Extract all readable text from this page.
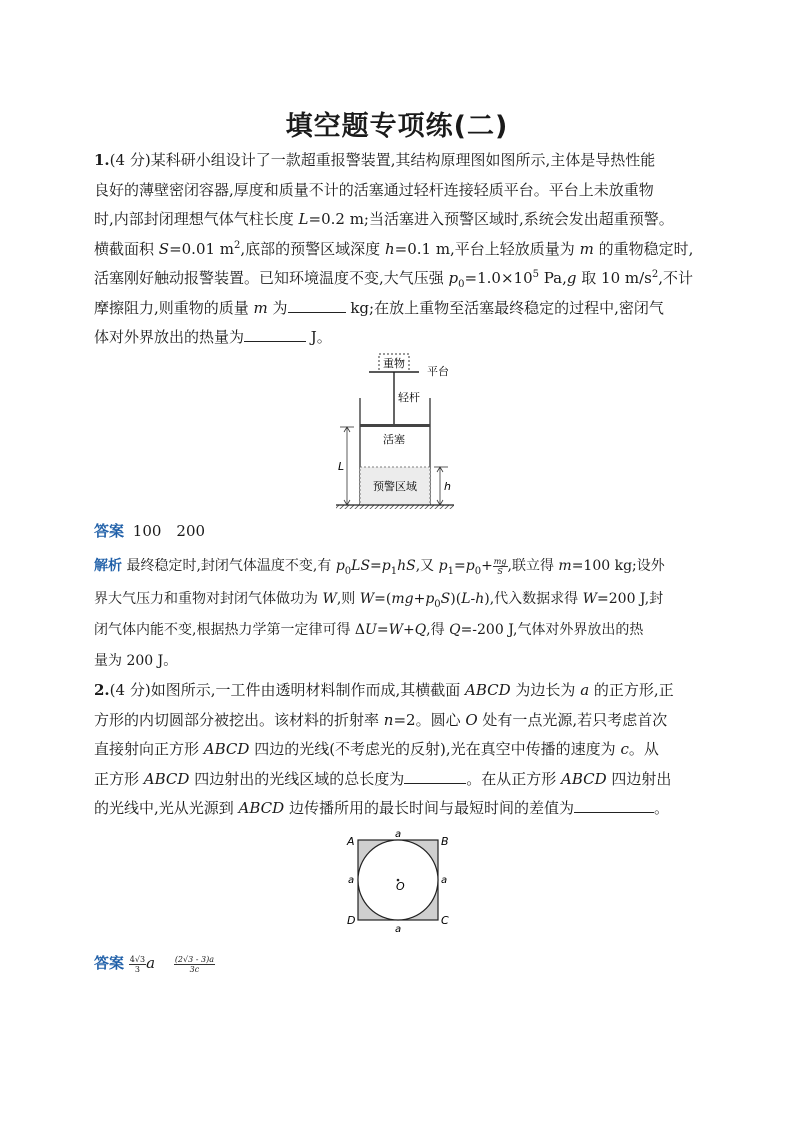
填空题专项练(二)
1.(4 分)某科研小组设计了一款超重报警装置,其结构原理图如图所示,主体是导热性能
良好的薄壁密闭容器,厚度和质量不计的活塞通过轻杆连接轻质平台。平台上未放重物
时,内部封闭理想气体气柱长度 L=0.2 m;当活塞进入预警区域时,系统会发出超重预警。
横截面积 S=0.01 $m^2$,底部的预警区域深度 h=0.1 m,平台上轻放质量为 m 的重物稳定时,
活塞刚好触动报警装置。已知环境温度不变,大气压强 $p_0=1.0\times 10^5$ Pa,g 取 10 $m/s^2$,不计
摩擦阻力,则重物的质量 m 为	kg;在放上重物至活塞最终稳定的过程中,密闭气
体对外界放出的热量为	J。
重物
平台
轻杆
活塞
预警区域
L
h
答案 100　200
解析 最终稳定时,封闭气体温度不变,有 $p_0LS=p_1hS$,又 $p_1=p_0+ \frac{mg}{S}$ ,联立得 m=100 kg;设外
界大气压力和重物对封闭气体做功为 W,则 $W=(mg+p_0S)(L-h)$,代入数据求得 W=200 J,封
闭气体内能不变,根据热力学第一定律可得 ΔU=W+Q,得 Q=-200 J,气体对外界放出的热
量为 200 J。
2.(4 分)如图所示,一工件由透明材料制作而成,其横截面 ABCD 为边长为 a 的正方形,正
方形的内切圆部分被挖出。该材料的折射率 n=2。圆心 O 处有一点光源,若只考虑首次
直接射向正方形 ABCD 四边的光线(不考虑光的反射),光在真空中传播的速度为 c。从
正方形 ABCD 四边射出的光线区域的总长度为	。在从正方形 ABCD 四边射出
的光线中,光从光源到 ABCD 边传播所用的最长时间与最短时间的差值为	。
A	B
C
D
O
a
a
a	a
答案 $\frac{4√3}{3}$ a $\frac{(2√3 - 3)a}{3c}$
